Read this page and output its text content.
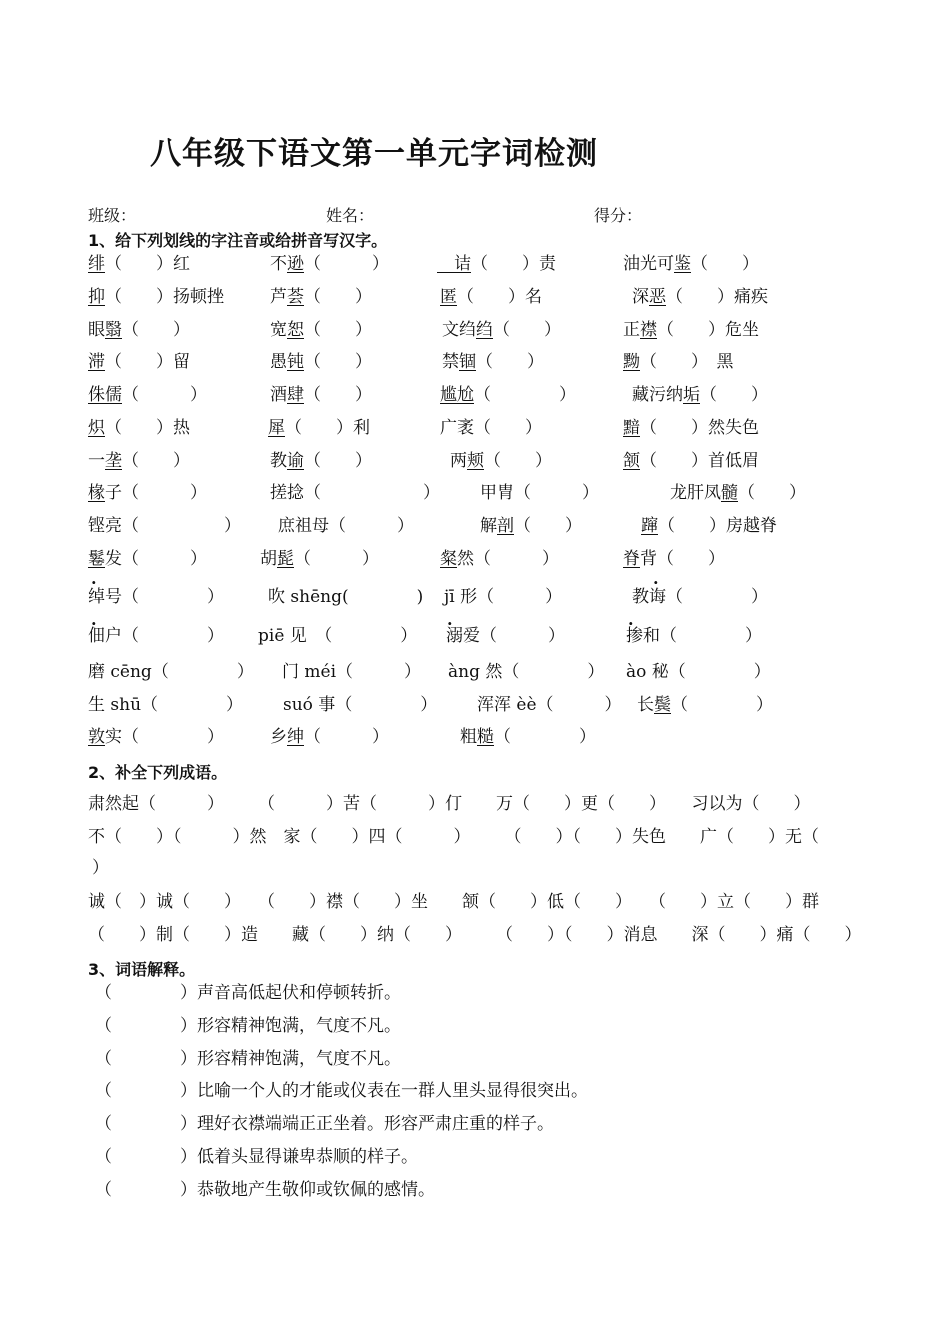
八年级下语文第一单元字词检测
班级：	姓名：	得分：
1、给下列划线的字注音或给拼音写汉字。
绯（　　）红	不逊（　　　）	　诘（　　）责	油光可鉴（　　）
抑（　　）扬顿挫	芦荟（　　）	匿（　　）名	深恶（　　）痛疾
眼翳（　　）	宽恕（　　）	文绉绉（　　）	正襟（　　）危坐
滞（　　）留	愚钝（　　）	禁锢（　　）	黝（　　）　黑
侏儒（　　　）	酒肆（　　）	尴尬（　　　　）	藏污纳垢（　　）
炽（　　）热	犀（　　）利	广袤（　　）	黯（　　）然失色
一垄（　　）	教谕（　　）	两颊（　　）	颔（　　）首低眉
椽子（　　　）	搓捻（　　　　　　） 甲胄（　　　）	龙肝凤髓（　　）
铿亮（　　　　　） 庶祖母（　　　）	解剖（　　）	蹿（　　）房越脊
鬈发（　　　）	胡髭（　　　）	粲然（　　　）	脊背（　　）
绰号（　　　　）	吹 shēng(　　　　) jī 形（　　　）	教诲（　　　　）
佃户（　　　　） piē 见　（　　　　） 溺爱（　　　）	掺和（　　　　）
磨 cēng（　　　　） 门 méi（　　　） àng 然（　　　　） ào 秘（　　　　）
生 shū（　　　　） suó 事（　　　　） 浑浑 èè（　　　） 长鬓（　　　　）
敦实（　　　　）	乡绅（　　　）	粗糙（　　　　）
.	.
.	.	.
2、补全下列成语。
肃然起（　　　）　　　（　　　）苦（　　　）仃　　万（　　）更（　　）　　习以为（　　）
不（　　）（　　　）然　家（　　）四（　　　）　　　（　　）（　　）失色　　广（　　）无（
）
诚（　）诚（　　）　　（　　）襟（　　）坐　　颔（　　）低（　　）　　（　　）立（　　）群
（　　）制（　　）造　　藏（　　）纳（　　）　　　（　　）（　　）消息　　深（　　）痛（　　）
3、词语解释。
（　　　　）声音高低起伏和停顿转折。
（　　　　）形容精神饱满，气度不凡。
（　　　　）形容精神饱满，气度不凡。
（　　　　）比喻一个人的才能或仪表在一群人里头显得很突出。
（　　　　）理好衣襟端端正正坐着。形容严肃庄重的样子。
（　　　　）低着头显得谦卑恭顺的样子。
（　　　　）恭敬地产生敬仰或钦佩的感情。
